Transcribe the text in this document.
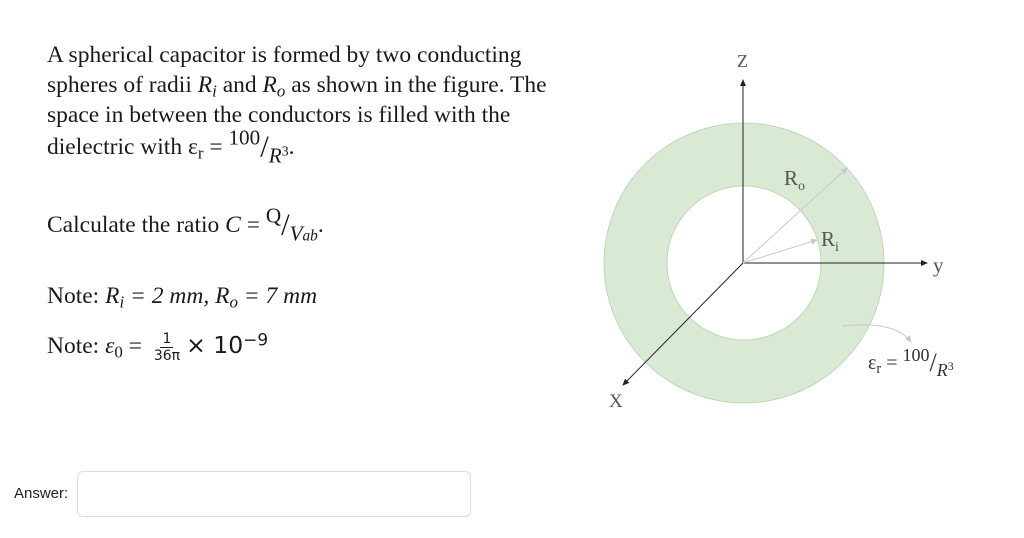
A spherical capacitor is formed by two conducting

spheres of radii $R_i$ and $R_o$ as shown in the figure. The

space in between the conductors is filled with the

dielectric with $\varepsilon_r = 100/R3$.

Calculate the ratio $C = Q/V_{ab}$.
Note: $R_i = 2$ mm, $R_o = 7$ mm
Note: $\varepsilon_0 = \frac{1}{36\pi} \times 10^{-9}$
Z
y
X
$R_o$
$R_i$
$\varepsilon_r = 100/R3$
Answer:
